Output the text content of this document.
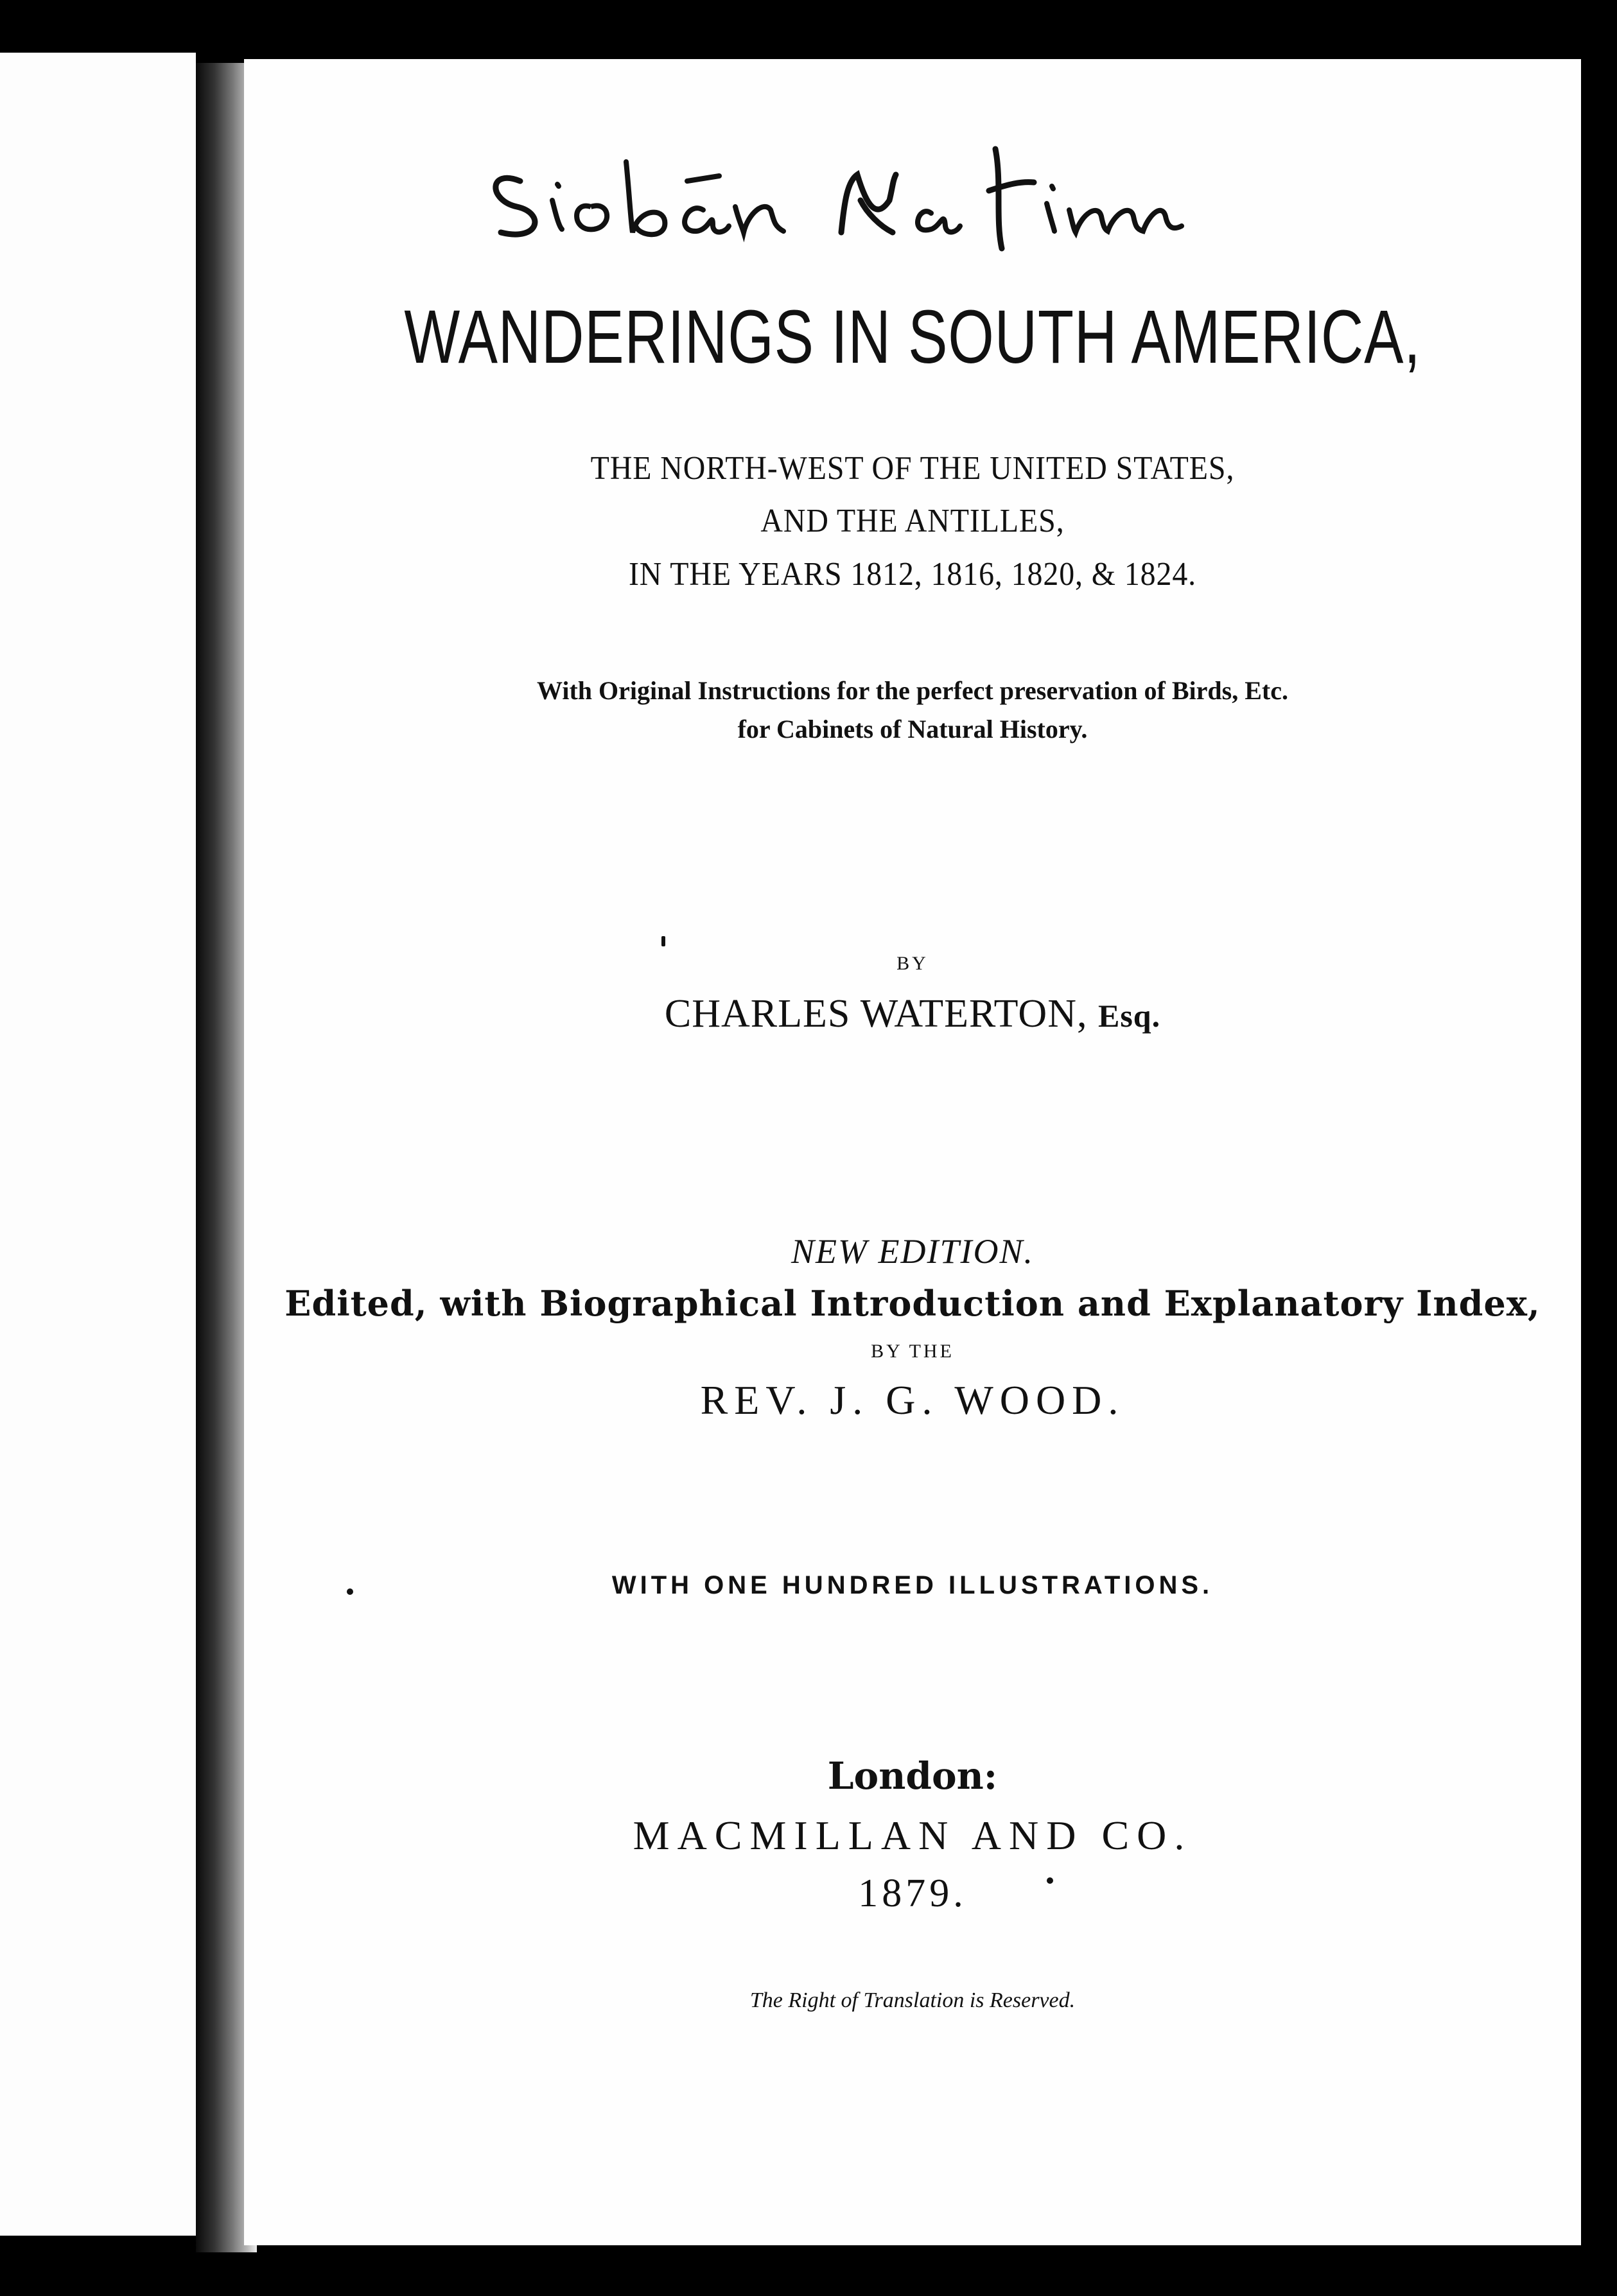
WANDERINGS IN SOUTH AMERICA,
THE NORTH-WEST OF THE UNITED STATES,
AND THE ANTILLES,
IN THE YEARS 1812, 1816, 1820, & 1824.
With Original Instructions for the perfect preservation of Birds, Etc.
for Cabinets of Natural History.
BY
CHARLES WATERTON, Esq.
NEW EDITION.
Edited, with Biographical Introduction and Explanatory Index,
BY THE
REV. J. G. WOOD.
WITH ONE HUNDRED ILLUSTRATIONS.
London:
MACMILLAN AND CO.
1879.
The Right of Translation is Reserved.
